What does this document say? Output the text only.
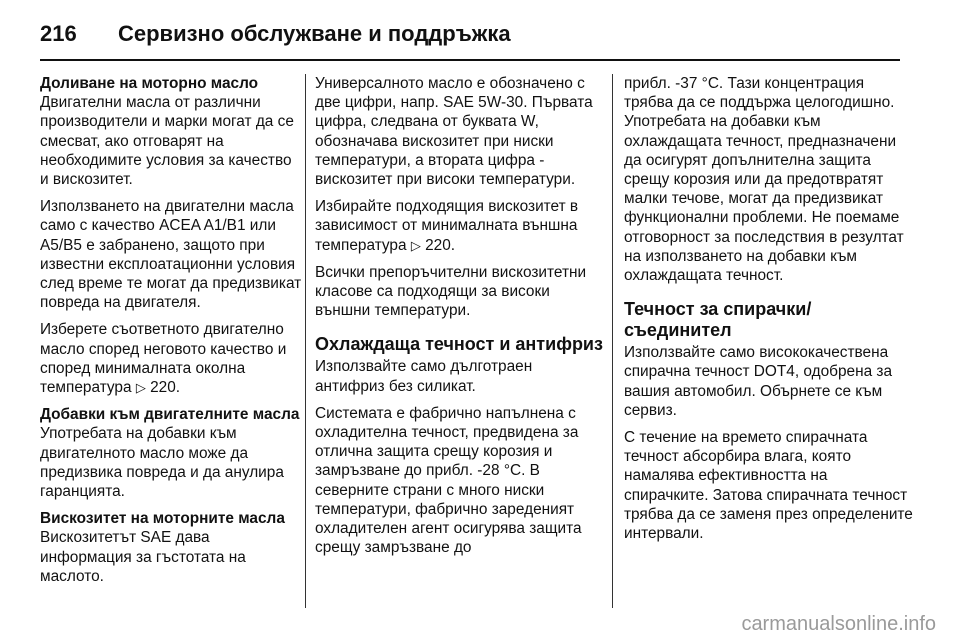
216	Сервизно обслужване и поддръжка

Доливане на моторно масло
Двигателни масла от различни производители и марки могат да се смесват, ако отговарят на необходимите условия за качество и вискозитет.

Използването на двигателни масла само с качество ACEA A1/B1 или A5/B5 е забранено, защото при известни експлоатационни условия след време те могат да предизвикат повреда на двигателя.

Изберете съответното двигателно масло според неговото качество и според минималната околна температура ▷ 220.

Добавки към двигателните масла
Употребата на добавки към двигателното масло може да предизвика повреда и да анулира гаранцията.

Вискозитет на моторните масла
Вискозитетът SAE дава информация за гъстотата на маслото.

Универсалното масло е обозначено с две цифри, напр. SAE 5W-30. Първата цифра, следвана от буквата W, обозначава вискозитет при ниски температури, а втората цифра - вискозитет при високи температури.

Избирайте подходящия вискозитет в зависимост от минималната външна температура ▷ 220.

Всички препоръчителни вискозитетни класове са подходящи за високи външни температури.

Охлаждаща течност и антифриз

Използвайте само дълготраен антифриз без силикат.

Системата е фабрично напълнена с охладителна течност, предвидена за отлична защита срещу корозия и замръзване до прибл. -28 °C. В северните страни с много ниски температури, фабрично зареденият охладителен агент осигурява защита срещу замръзване до

прибл. -37 °C. Тази концентрация трябва да се поддържа целогодишно. Употребата на добавки към охлаждащата течност, предназначени да осигурят допълнителна защита срещу корозия или да предотвратят малки течове, могат да предизвикат функционални проблеми. Не поемаме отговорност за последствия в резултат на използването на добавки към охлаждащата течност.

Течност за спирачки/ съединител

Използвайте само висококачествена спирачна течност DOT4, одобрена за вашия автомобил. Обърнете се към сервиз.

С течение на времето спирачната течност абсорбира влага, която намалява ефективността на спирачките. Затова спирачната течност трябва да се заменя през определените интервали.

carmanualsonline.info
